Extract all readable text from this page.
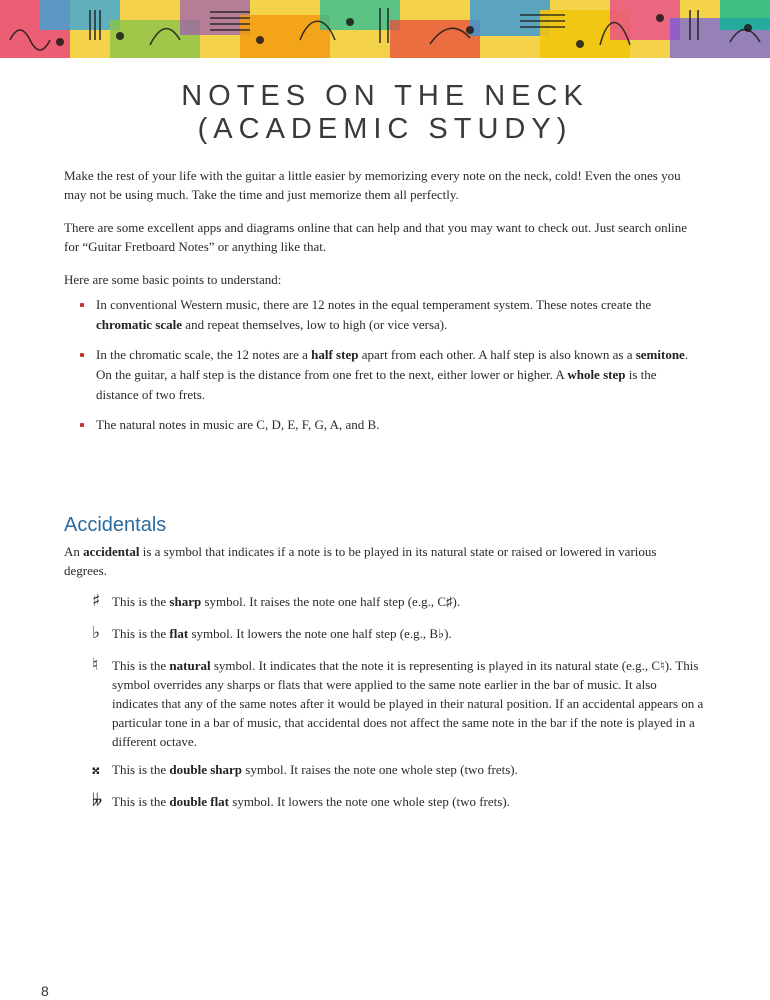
NOTES ON THE NECK
(ACADEMIC STUDY)

Make the rest of your life with the guitar a little easier by memorizing every note on the neck, cold! Even the ones you may not be using much. Take the time and just memorize them all perfectly.

There are some excellent apps and diagrams online that can help and that you may want to check out. Just search online for “Guitar Fretboard Notes” or anything like that.

Here are some basic points to understand:

In conventional Western music, there are 12 notes in the equal temperament system. These notes create the chromatic scale and repeat themselves, low to high (or vice versa).
In the chromatic scale, the 12 notes are a half step apart from each other. A half step is also known as a semitone. On the guitar, a half step is the distance from one fret to the next, either lower or higher. A whole step is the distance of two frets.
The natural notes in music are C, D, E, F, G, A, and B.
Accidentals
An accidental is a symbol that indicates if a note is to be played in its natural state or raised or lowered in various degrees.
♯ This is the sharp symbol. It raises the note one half step (e.g., C♯).
♭ This is the flat symbol. It lowers the note one half step (e.g., B♭).
♮	This is the natural symbol. It indicates that the note it is representing is played in its natural state (e.g., C♮). This symbol overrides any sharps or flats that were applied to the same note earlier in the bar of music. It also indicates that any of the same notes after it would be played in their natural position. If an accidental appears on a particular tone in a bar of music, that accidental does not affect the same note in the bar if the note is played in a different octave.
𝄪 This is the double sharp symbol. It raises the note one whole step (two frets).
𝄫 This is the double flat symbol. It lowers the note one whole step (two frets).
8
